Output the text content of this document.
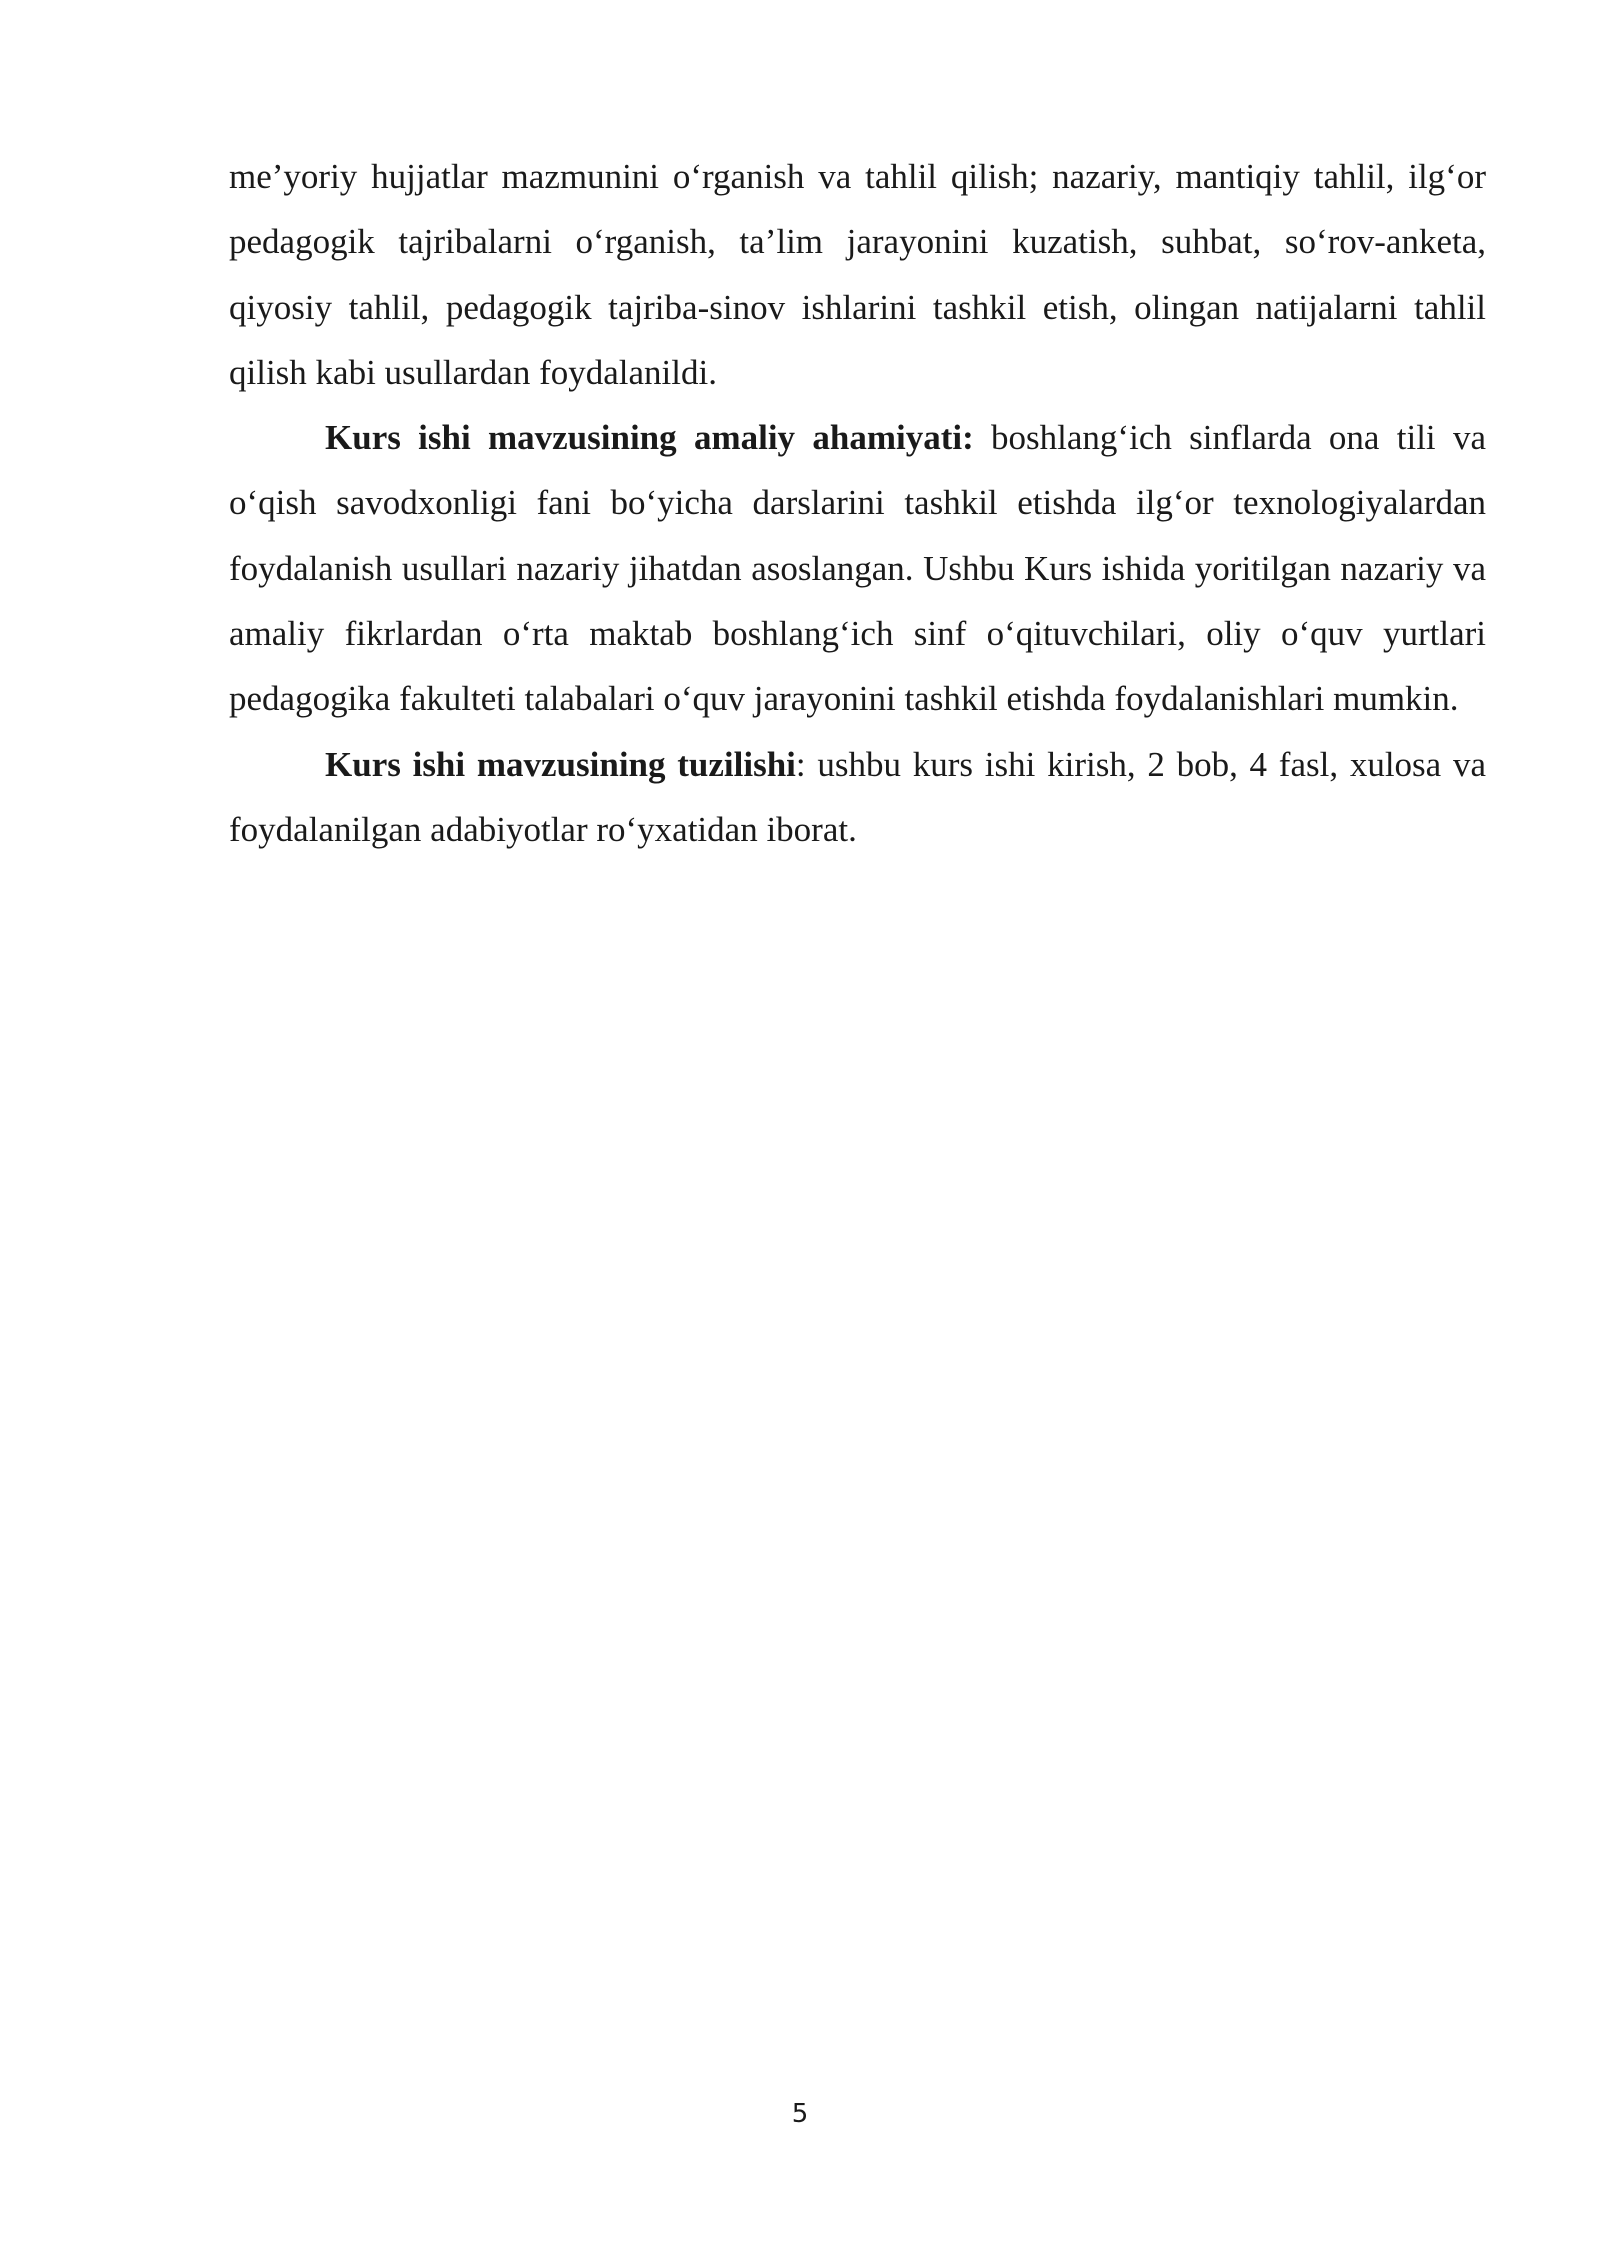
me’yoriy hujjatlar mazmunini o‘rganish va tahlil qilish; nazariy, mantiqiy tahlil, ilg‘or pedagogik tajribalarni o‘rganish, ta’lim jarayonini kuzatish, suhbat, so‘rov-anketa, qiyosiy tahlil, pedagogik tajriba-sinov ishlarini tashkil etish, olingan natijalarni tahlil qilish kabi usullardan foydalanildi.

Kurs ishi mavzusining amaliy ahamiyati: boshlang‘ich sinflarda ona tili va o‘qish savodxonligi fani bo‘yicha darslarini tashkil etishda ilg‘or texnologiyalardan foydalanish usullari nazariy jihatdan asoslangan. Ushbu Kurs ishida yoritilgan nazariy va amaliy fikrlardan o‘rta maktab boshlang‘ich sinf o‘qituvchilari, oliy o‘quv yurtlari pedagogika fakulteti talabalari o‘quv jarayonini tashkil etishda foydalanishlari mumkin.

Kurs ishi mavzusining tuzilishi: ushbu kurs ishi kirish, 2 bob, 4 fasl, xulosa va foydalanilgan adabiyotlar ro‘yxatidan iborat.

5
